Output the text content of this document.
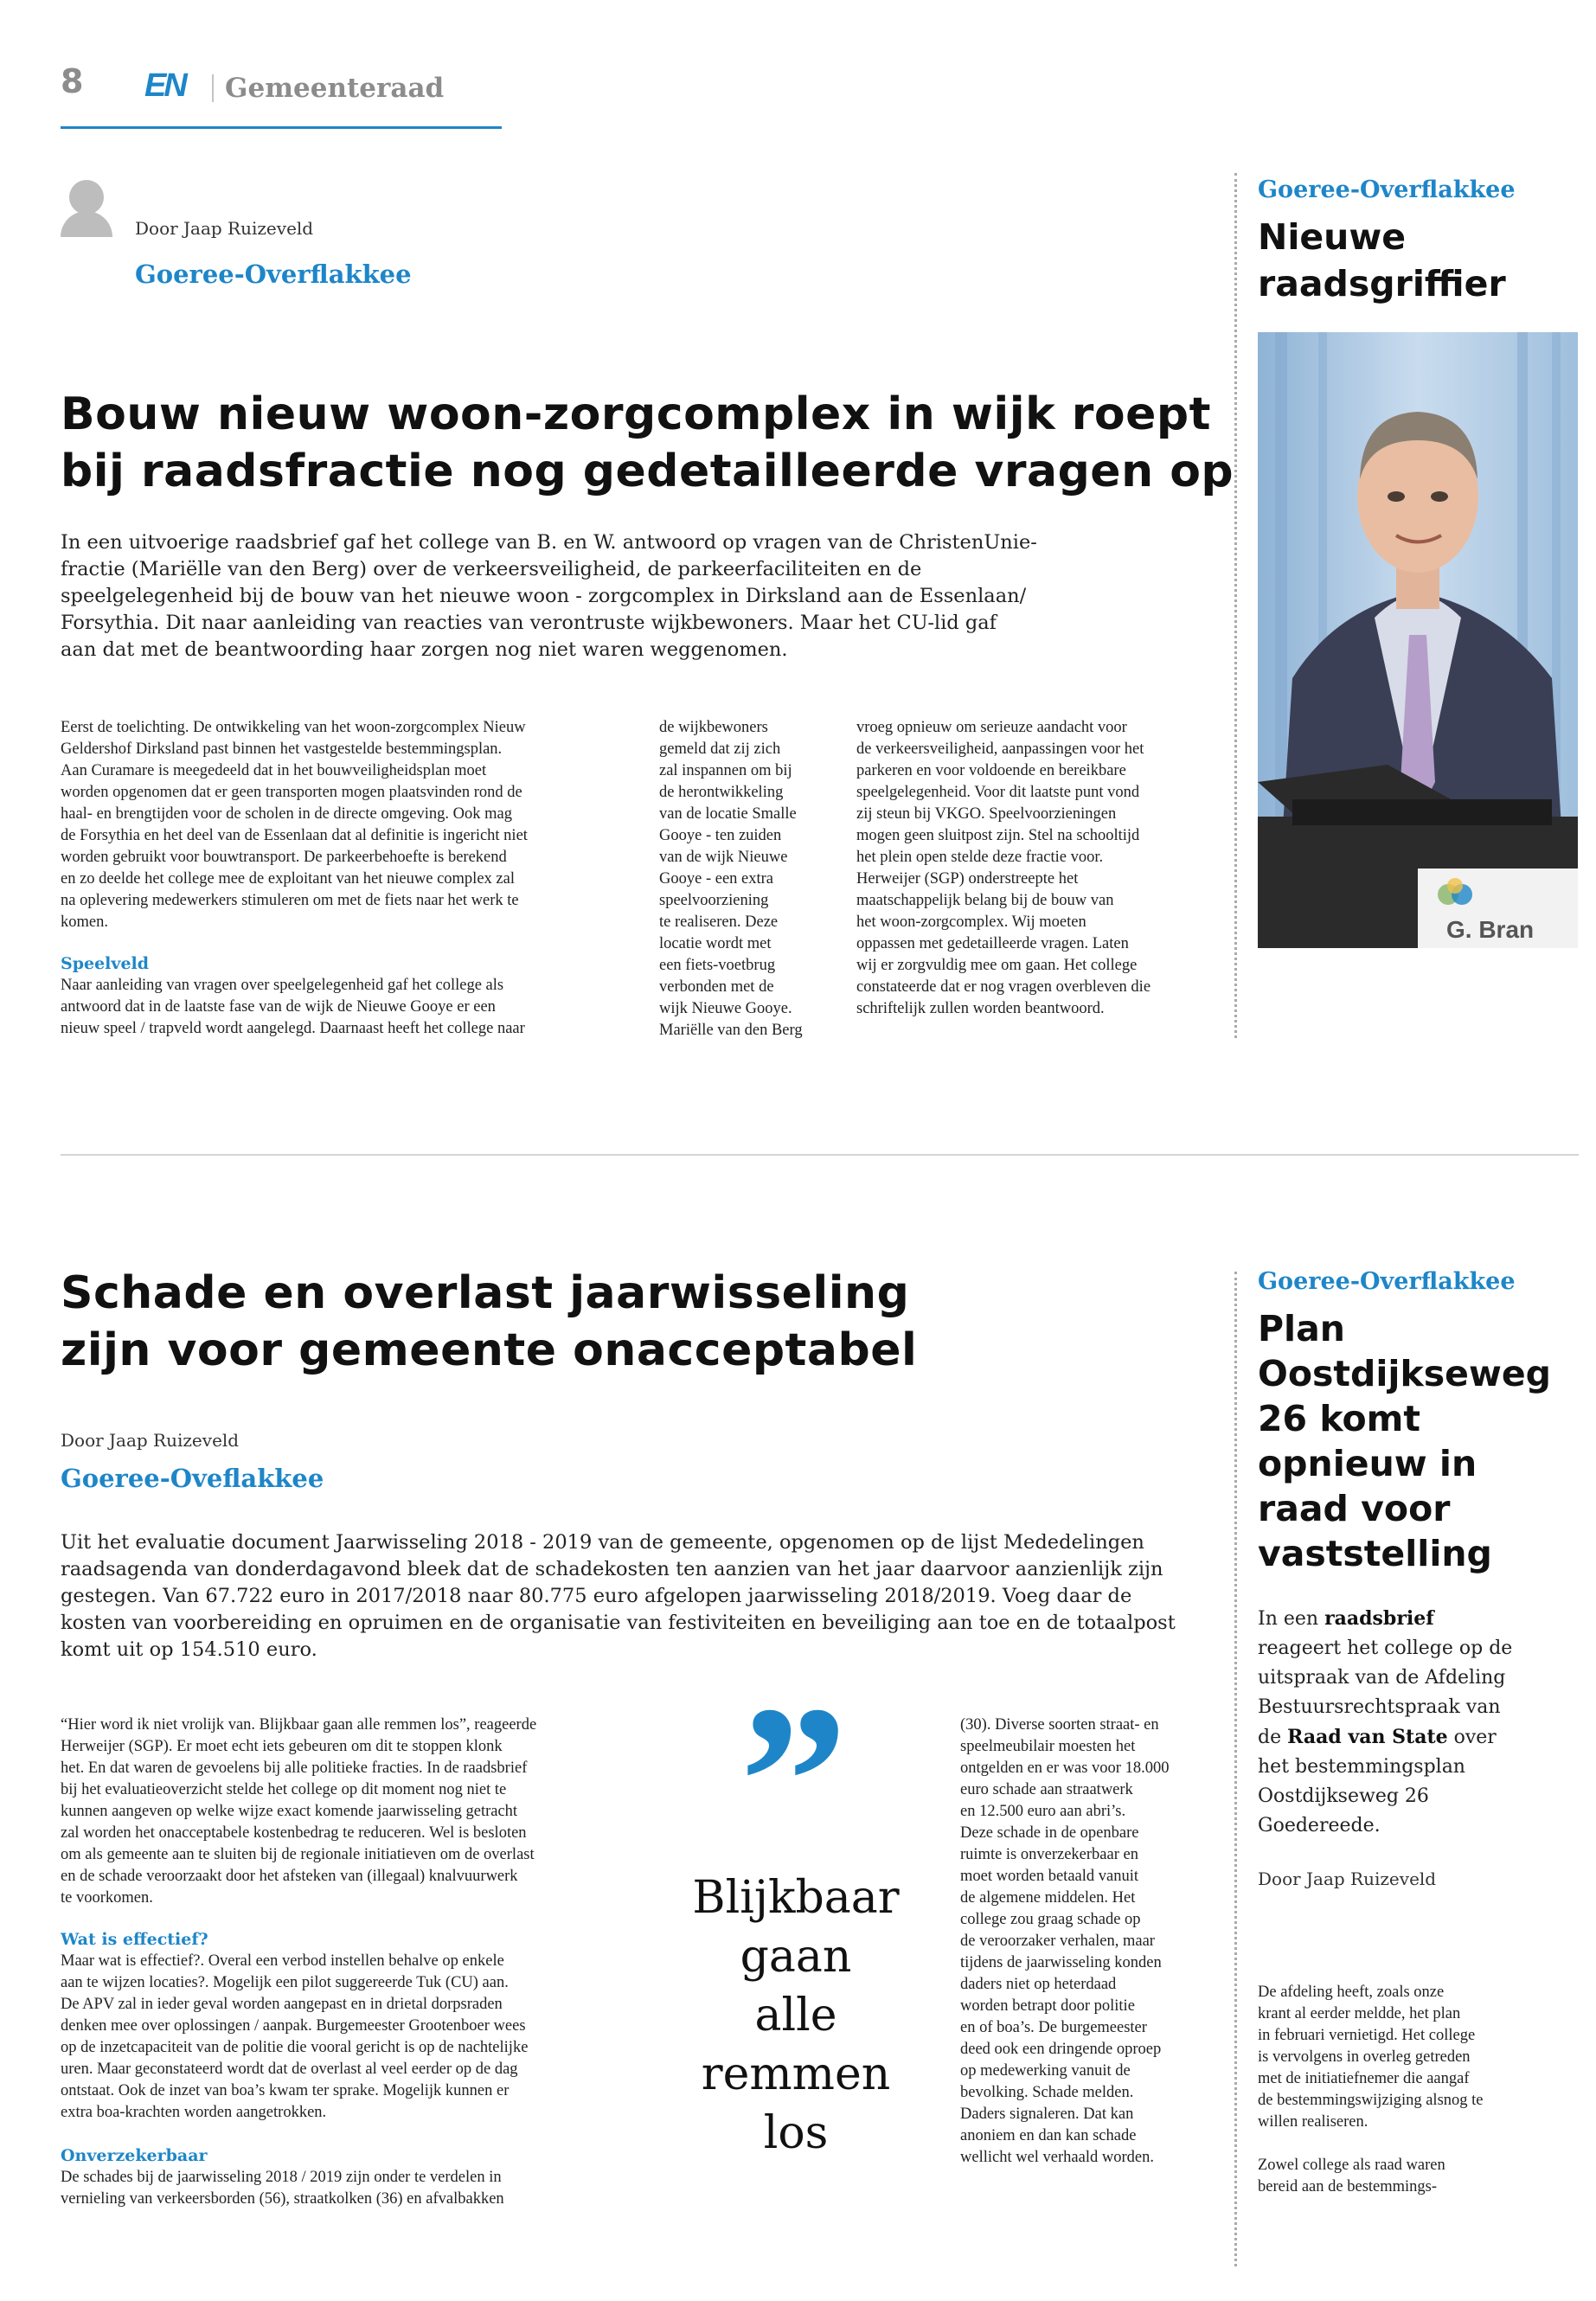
8 EN Gemeenteraad
Door Jaap Ruizeveld
Goeree-Overflakkee
Bouw nieuw woon-zorgcomplex in wijk roept
bij raadsfractie nog gedetailleerde vragen op
In een uitvoerige raadsbrief gaf het college van B. en W. antwoord op vragen van de ChristenUnie-
fractie (Mariëlle van den Berg) over de verkeersveiligheid, de parkeerfaciliteiten en de
speelgelegenheid bij de bouw van het nieuwe woon - zorgcomplex in Dirksland aan de Essenlaan/
Forsythia. Dit naar aanleiding van reacties van verontruste wijkbewoners. Maar het CU-lid gaf
aan dat met de beantwoording haar zorgen nog niet waren weggenomen.
Eerst de toelichting. De ontwikkeling van het woon-zorgcomplex Nieuw
Geldershof Dirksland past binnen het vastgestelde bestemmingsplan.
Aan Curamare is meegedeeld dat in het bouwveiligheidsplan moet
worden opgenomen dat er geen transporten mogen plaatsvinden rond de
haal- en brengtijden voor de scholen in de directe omgeving. Ook mag
de Forsythia en het deel van de Essenlaan dat al definitie is ingericht niet
worden gebruikt voor bouwtransport. De parkeerbehoefte is berekend
en zo deelde het college mee de exploitant van het nieuwe complex zal
na oplevering medewerkers stimuleren om met de fiets naar het werk te
komen.
Speelveld
Naar aanleiding van vragen over speelgelegenheid gaf het college als
antwoord dat in de laatste fase van de wijk de Nieuwe Gooye er een
nieuw speel / trapveld wordt aangelegd. Daarnaast heeft het college naar
de wijkbewoners
gemeld dat zij zich
zal inspannen om bij
de herontwikkeling
van de locatie Smalle
Gooye - ten zuiden
van de wijk Nieuwe
Gooye - een extra
speelvoorziening
te realiseren. Deze
locatie wordt met
een fiets-voetbrug
verbonden met de
wijk Nieuwe Gooye.
Mariëlle van den Berg
vroeg opnieuw om serieuze aandacht voor
de verkeersveiligheid, aanpassingen voor het
parkeren en voor voldoende en bereikbare
speelgelegenheid. Voor dit laatste punt vond
zij steun bij VKGO. Speelvoorzieningen
mogen geen sluitpost zijn. Stel na schooltijd
het plein open stelde deze fractie voor.
Herweijer (SGP) onderstreepte het
maatschappelijk belang bij de bouw van
het woon-zorgcomplex. Wij moeten
oppassen met gedetailleerde vragen. Laten
wij er zorgvuldig mee om gaan. Het college
constateerde dat er nog vragen overbleven die
schriftelijk zullen worden beantwoord.
Goeree-Overflakkee
Nieuwe
raadsgriffier
G. Bran
Schade en overlast jaarwisseling
zijn voor gemeente onacceptabel
Door Jaap Ruizeveld
Goeree-Oveflakkee
Uit het evaluatie document Jaarwisseling 2018 - 2019 van de gemeente, opgenomen op de lijst Mededelingen
raadsagenda van donderdagavond bleek dat de schadekosten ten aanzien van het jaar daarvoor aanzienlijk zijn
gestegen. Van 67.722 euro in 2017/2018 naar 80.775 euro afgelopen jaarwisseling 2018/2019. Voeg daar de
kosten van voorbereiding en opruimen en de organisatie van festiviteiten en beveiliging aan toe en de totaalpost
komt uit op 154.510 euro.
“Hier word ik niet vrolijk van. Blijkbaar gaan alle remmen los”, reageerde
Herweijer (SGP). Er moet echt iets gebeuren om dit te stoppen klonk
het. En dat waren de gevoelens bij alle politieke fracties. In de raadsbrief
bij het evaluatieoverzicht stelde het college op dit moment nog niet te
kunnen aangeven op welke wijze exact komende jaarwisseling getracht
zal worden het onacceptabele kostenbedrag te reduceren. Wel is besloten
om als gemeente aan te sluiten bij de regionale initiatieven om de overlast
en de schade veroorzaakt door het afsteken van (illegaal) knalvuurwerk
te voorkomen.
Wat is effectief?
Maar wat is effectief?. Overal een verbod instellen behalve op enkele
aan te wijzen locaties?. Mogelijk een pilot suggereerde Tuk (CU) aan.
De APV zal in ieder geval worden aangepast en in drietal dorpsraden
denken mee over oplossingen / aanpak. Burgemeester Grootenboer wees
op de inzetcapaciteit van de politie die vooral gericht is op de nachtelijke
uren. Maar geconstateerd wordt dat de overlast al veel eerder op de dag
ontstaat. Ook de inzet van boa’s kwam ter sprake. Mogelijk kunnen er
extra boa-krachten worden aangetrokken.
Onverzekerbaar
De schades bij de jaarwisseling 2018 / 2019 zijn onder te verdelen in
vernieling van verkeersborden (56), straatkolken (36) en afvalbakken
”
Blijkbaar
gaan
alle
remmen
los
(30). Diverse soorten straat- en
speelmeubilair moesten het
ontgelden en er was voor 18.000
euro schade aan straatwerk
en 12.500 euro aan abri’s.
Deze schade in de openbare
ruimte is onverzekerbaar en
moet worden betaald vanuit
de algemene middelen. Het
college zou graag schade op
de veroorzaker verhalen, maar
tijdens de jaarwisseling konden
daders niet op heterdaad
worden betrapt door politie
en of boa’s. De burgemeester
deed ook een dringende oproep
op medewerking vanuit de
bevolking. Schade melden.
Daders signaleren. Dat kan
anoniem en dan kan schade
wellicht wel verhaald worden.
Goeree-Overflakkee
Plan
Oostdijkseweg
26 komt
opnieuw in
raad voor
vaststelling
In een raadsbrief
reageert het college op de
uitspraak van de Afdeling
Bestuursrechtspraak van
de Raad van State over
het bestemmingsplan
Oostdijkseweg 26
Goedereede.
Door Jaap Ruizeveld
De afdeling heeft, zoals onze
krant al eerder meldde, het plan
in februari vernietigd. Het college
is vervolgens in overleg getreden
met de initiatiefnemer die aangaf
de bestemmingswijziging alsnog te
willen realiseren.
Zowel college als raad waren
bereid aan de bestemmings-
